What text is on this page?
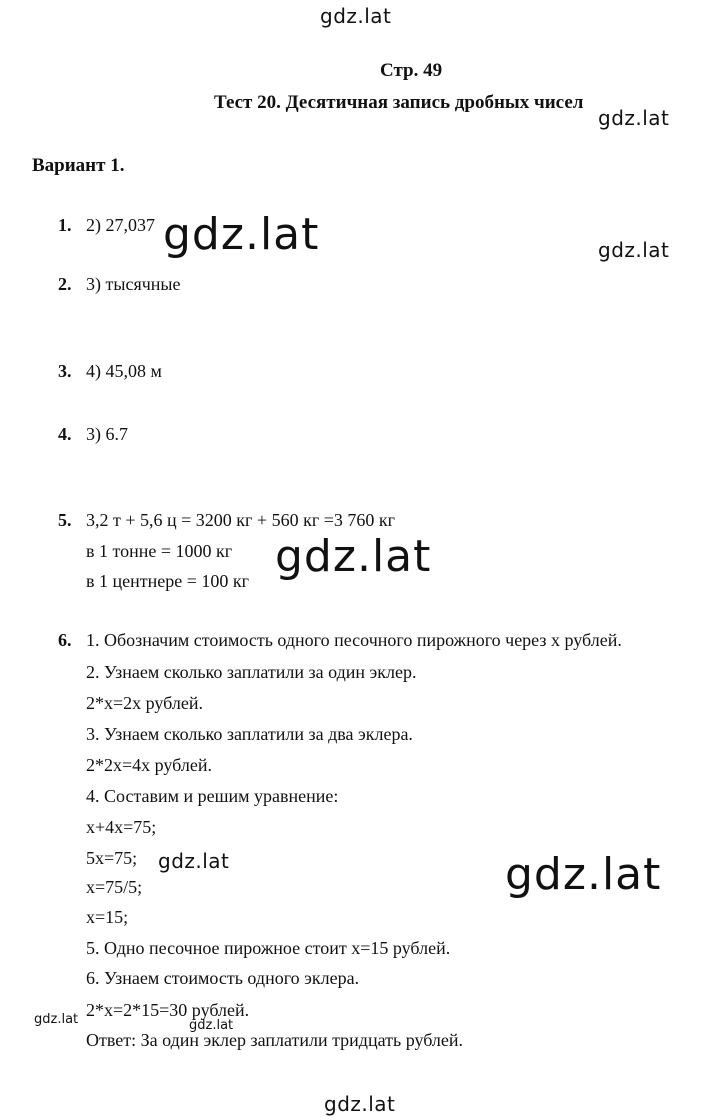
gdz.lat
gdz.lat
gdz.lat	gdz.lat
gdz.lat
gdz.lat	gdz.lat
gdz.lat	gdz.lat
gdz.lat
Стр. 49
Тест 20. Десятичная запись дробных чисел
Вариант 1.
1. 2) 27,037
2. 3) тысячные
3. 4) 45,08 м
4. 3) 6.7
5. 3,2 т + 5,6 ц = 3200 кг + 560 кг =3 760 кг
в 1 тонне = 1000 кг
в 1 центнере = 100 кг
6. 1. Обозначим стоимость одного песочного пирожного через х рублей.
2. Узнаем сколько заплатили за один эклер.
2*х=2х рублей.
3. Узнаем сколько заплатили за два эклера.
2*2х=4х рублей.
4. Составим и решим уравнение:
х+4х=75;
5х=75;
х=75/5;
х=15;
5. Одно песочное пирожное стоит х=15 рублей.
6. Узнаем стоимость одного эклера.
2*х=2*15=30 рублей.
Ответ: За один эклер заплатили тридцать рублей.
